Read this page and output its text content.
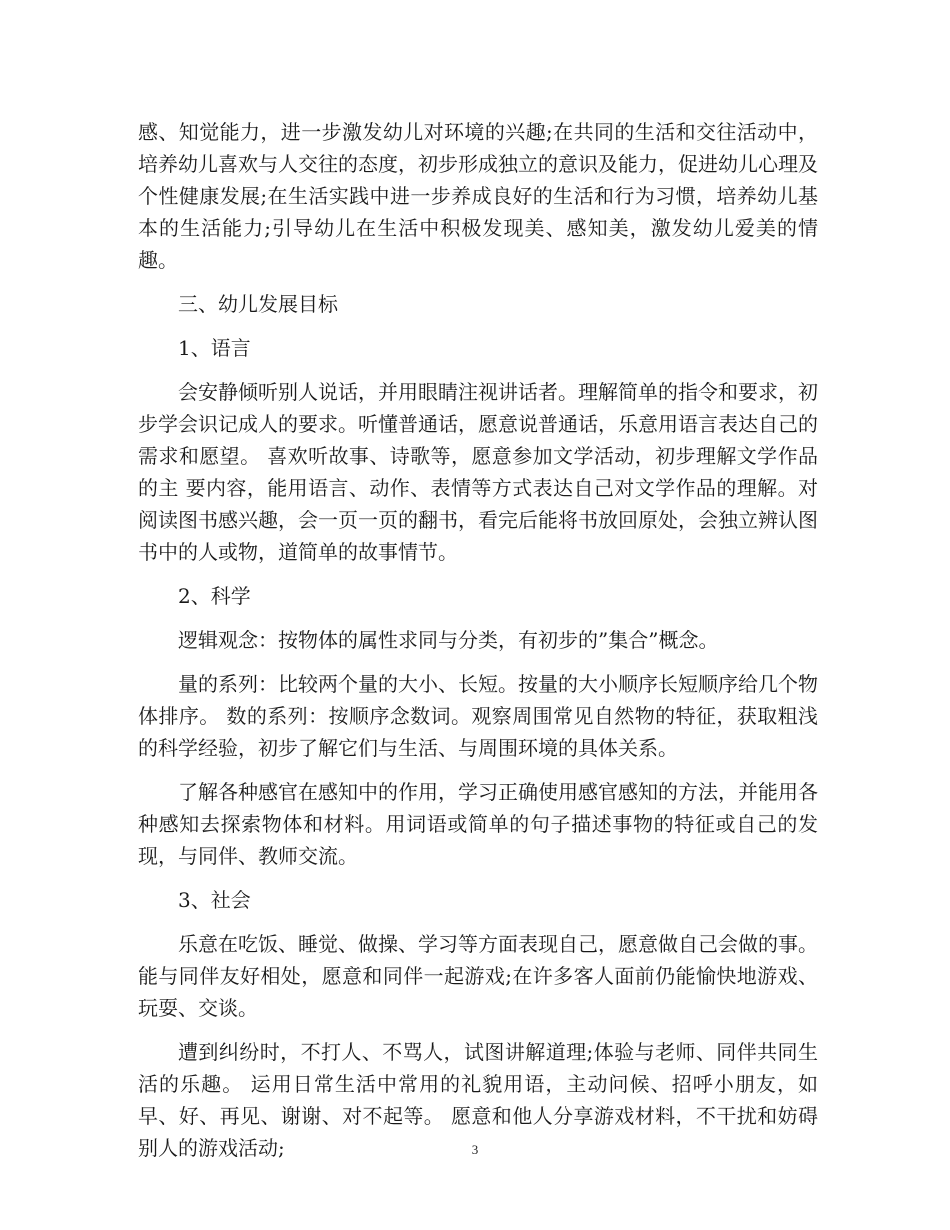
感、知觉能力，进一步激发幼儿对环境的兴趣;在共同的生活和交往活动中，培养幼儿喜欢与人交往的态度，初步形成独立的意识及能力，促进幼儿心理及个性健康发展;在生活实践中进一步养成良好的生活和行为习惯，培养幼儿基本的生活能力;引导幼儿在生活中积极发现美、感知美，激发幼儿爱美的情趣。

三、幼儿发展目标

1、语言

会安静倾听别人说话，并用眼睛注视讲话者。理解简单的指令和要求，初步学会识记成人的要求。听懂普通话，愿意说普通话，乐意用语言表达自己的需求和愿望。 喜欢听故事、诗歌等，愿意参加文学活动，初步理解文学作品的主 要内容，能用语言、动作、表情等方式表达自己对文学作品的理解。对阅读图书感兴趣，会一页一页的翻书，看完后能将书放回原处，会独立辨认图书中的人或物，道简单的故事情节。

2、科学

逻辑观念：按物体的属性求同与分类，有初步的”集合”概念。

量的系列：比较两个量的大小、长短。按量的大小顺序长短顺序给几个物体排序。 数的系列：按顺序念数词。观察周围常见自然物的特征，获取粗浅的科学经验，初步了解它们与生活、与周围环境的具体关系。

了解各种感官在感知中的作用，学习正确使用感官感知的方法，并能用各种感知去探索物体和材料。用词语或简单的句子描述事物的特征或自己的发现，与同伴、教师交流。

3、社会

乐意在吃饭、睡觉、做操、学习等方面表现自己，愿意做自己会做的事。能与同伴友好相处，愿意和同伴一起游戏;在许多客人面前仍能愉快地游戏、玩耍、交谈。

遭到纠纷时，不打人、不骂人，试图讲解道理;体验与老师、同伴共同生活的乐趣。 运用日常生活中常用的礼貌用语，主动问候、招呼小朋友，如早、好、再见、谢谢、对不起等。 愿意和他人分享游戏材料，不干扰和妨碍别人的游戏活动;	3
